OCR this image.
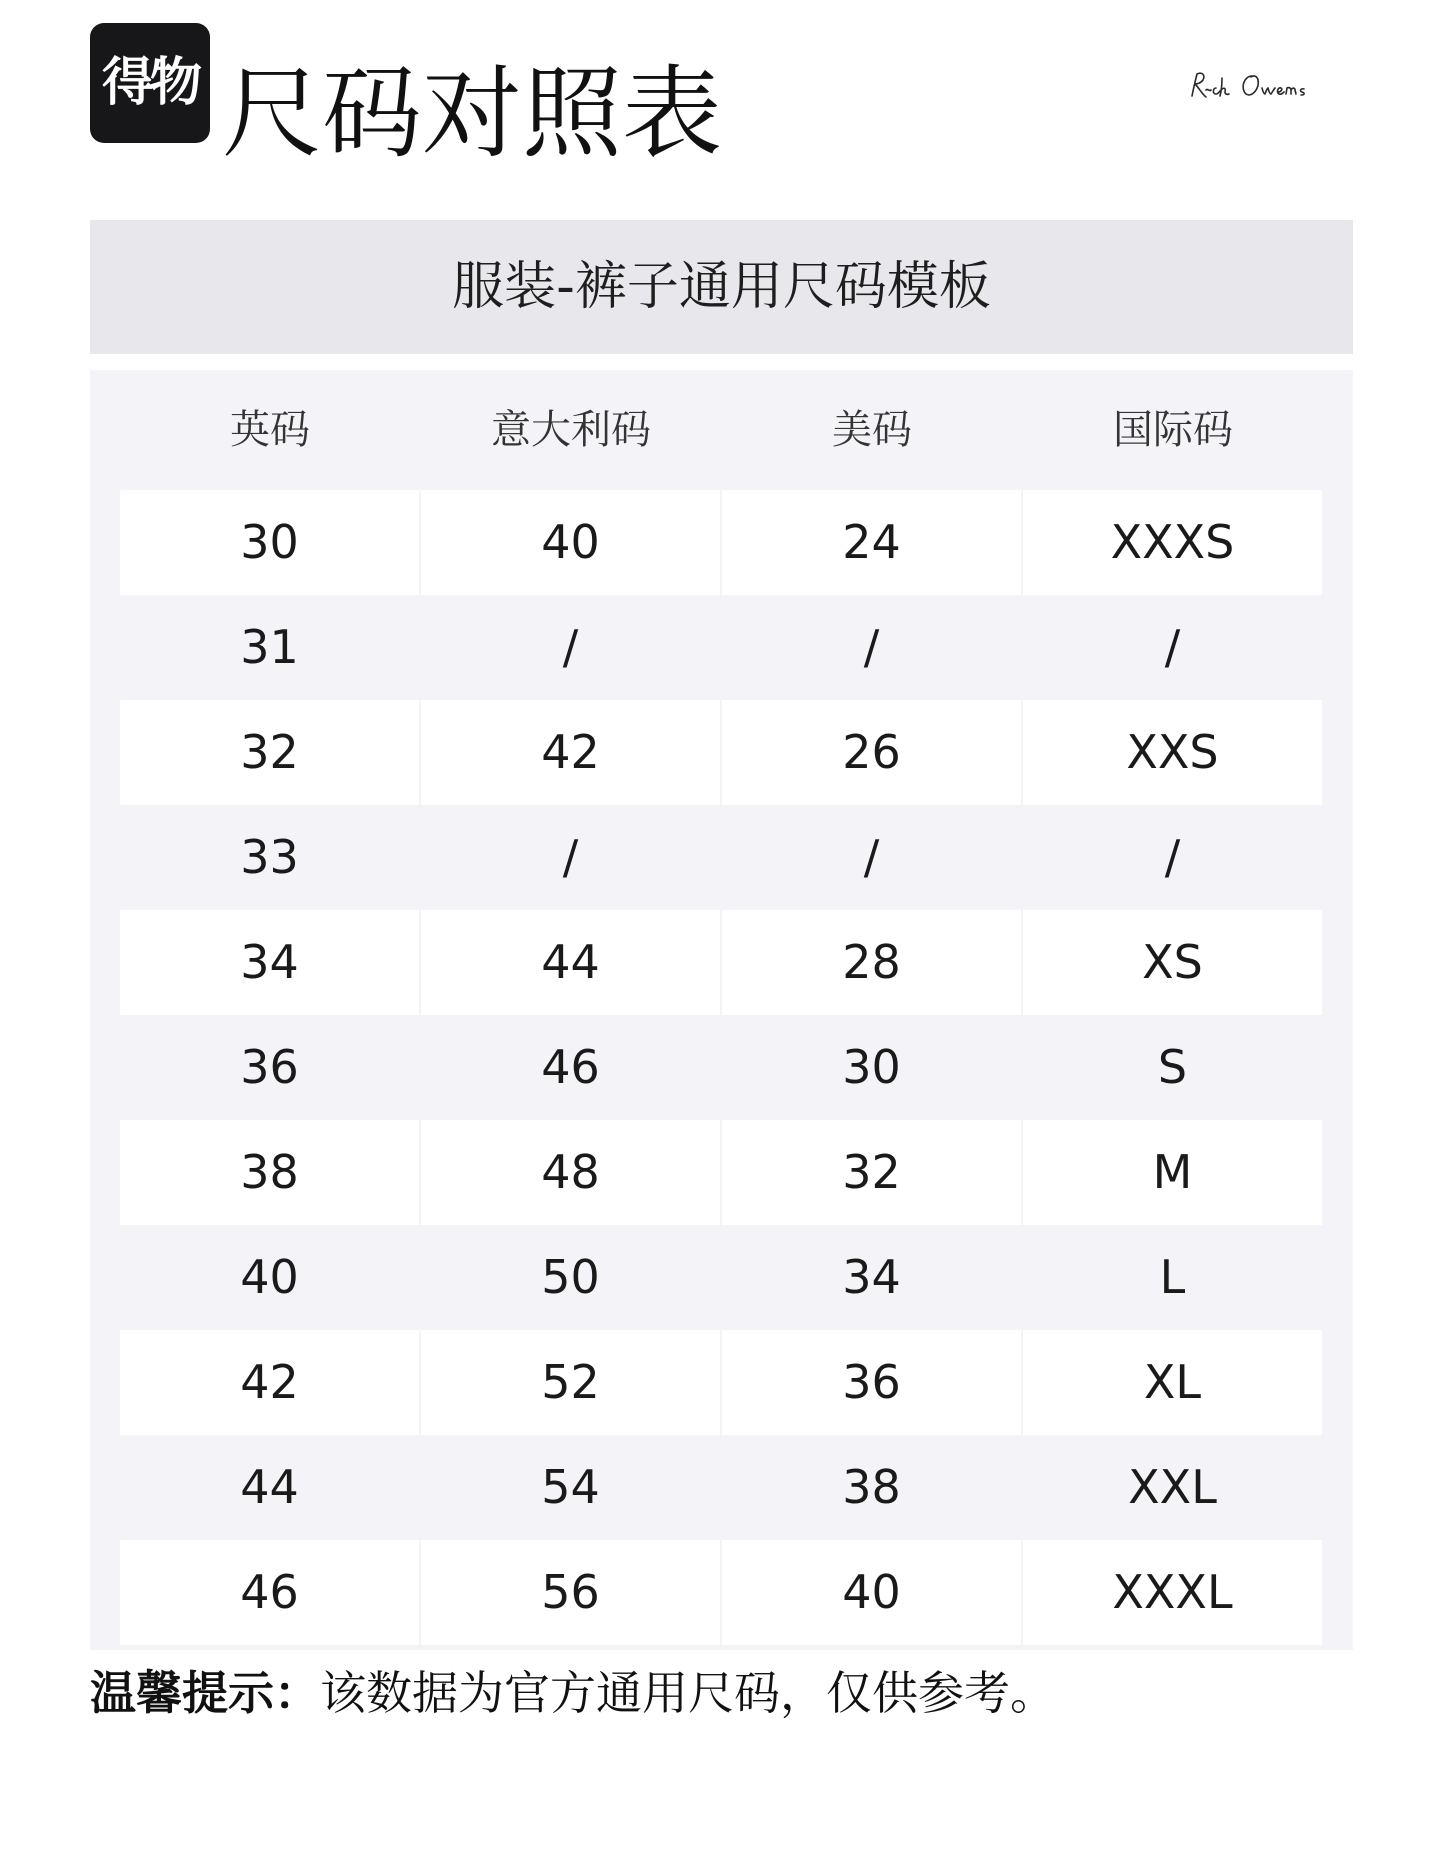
得物 尺码对照表
服装-裤子通用尺码模板
英码	意大利码	美码	国际码
30	40	24	XXXS
31	/	/	/
32	42	26	XXS
33	/	/	/
34	44	28	XS
36	46	30	S
38	48	32	M
40	50	34	L
42	52	36	XL
44	54	38	XXL
46	56	40	XXXL
温馨提示：该数据为官方通用尺码，仅供参考。
